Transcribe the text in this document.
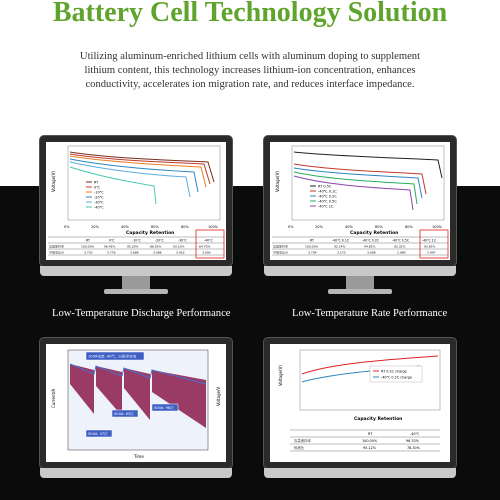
Battery Cell Technology Solution
Utilizing aluminum-enriched lithium cells with aluminum doping to supplement lithium content, this technology increases lithium-ion concentration, enhances conductivity, accelerates ion migration rate, and reduces interface impedance.
Voltage(V)
Capacity Retention
0%	20%	40%	60%	80%	100%
RT
0℃
-10℃
-20℃
-30℃
-40℃
RT	0℃	-10℃	-20℃	-30℃	-40℃
容量保持率	100.00%	96.45%	95.20%	86.55%	93.10%	64.70%
中值电压/V	3.733	3.776	3.686	3.588	3.423	3.000
Voltage(V)
Capacity Retention
0%	20%	40%	60%	80%	100%
RT 0.5C
-40℃ 0.1C
-40℃ 0.2C
-40℃ 0.5C
-40℃ 1C
RT	-40℃ 0.1C	-40℃ 0.2C	-40℃ 0.5C	-40℃ 1C
容量保持率	100.00%	92.14%	94.82%	92.32%	93.65%
中值电压/V	3.734	3.170	3.098	2.989	2.997
Low-Temperature Discharge Performance	Low-Temperature Rate Performance
Current/A	Voltage/V
Time
100A电流 -40℃, 1s脉冲放电
400A: 63次
500A: 98次
500A: 37次
Voltage(V)
Capacity Retention
RT 0.2C charge
-40℃ 0.2C charge
RT	-40℃
容量保持率	100.00%	96.33%
恒流比	95.12%	78.30%
